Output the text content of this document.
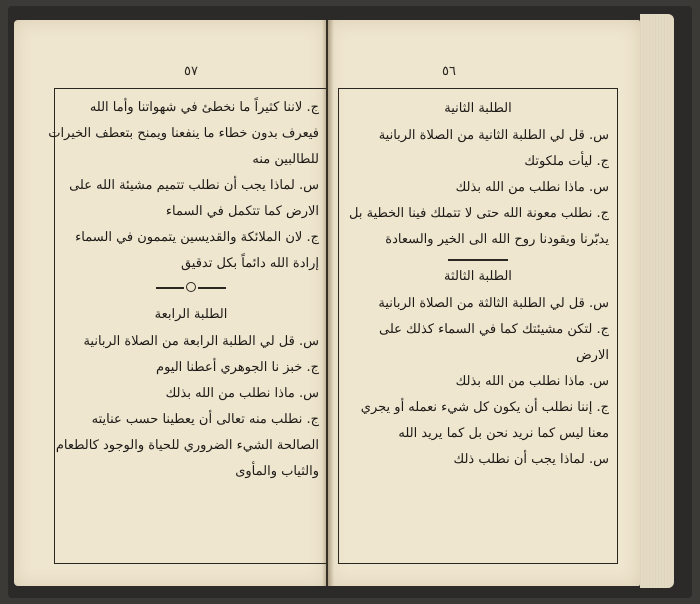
٥٧
ج. لاننا كثيراً ما نخطئ في شهواتنا وأما الله
فيعرف بدون خطاء ما ينفعنا ويمنح بتعطف الخيرات
للطالبين منه
س. لماذا يجب أن نطلب تتميم مشيئة الله على
الارض كما تتكمل في السماء
ج. لان الملائكة والقديسين يتممون في السماء
إرادة الله دائماً بكل تدقيق
الطلبة الرابعة
س. قل لي الطلبة الرابعة من الصلاة الربانية
ج. خبز نا الجوهري أعطنا اليوم
س. ماذا نطلب من الله بذلك
ج. نطلب منه تعالى أن يعطينا حسب عنايته
الصالحة الشيء الضروري للحياة والوجود كالطعام
والثياب والمأوى
٥٦
الطلبة الثانية
س. قل لي الطلبة الثانية من الصلاة الربانية
ج. ليأت ملكوتك
س. ماذا نطلب من الله بذلك
ج. نطلب معونة الله حتى لا تتملك فينا الخطية بل
يدبّرنا ويقودنا روح الله الى الخير والسعادة
الطلبة الثالثة
س. قل لي الطلبة الثالثة من الصلاة الربانية
ج. لتكن مشيئتك كما في السماء كذلك على
الارض
س. ماذا نطلب من الله بذلك
ج. إننا نطلب أن يكون كل شيء نعمله أو يجري
معنا ليس كما نريد نحن بل كما يريد الله
س. لماذا يجب أن نطلب ذلك
